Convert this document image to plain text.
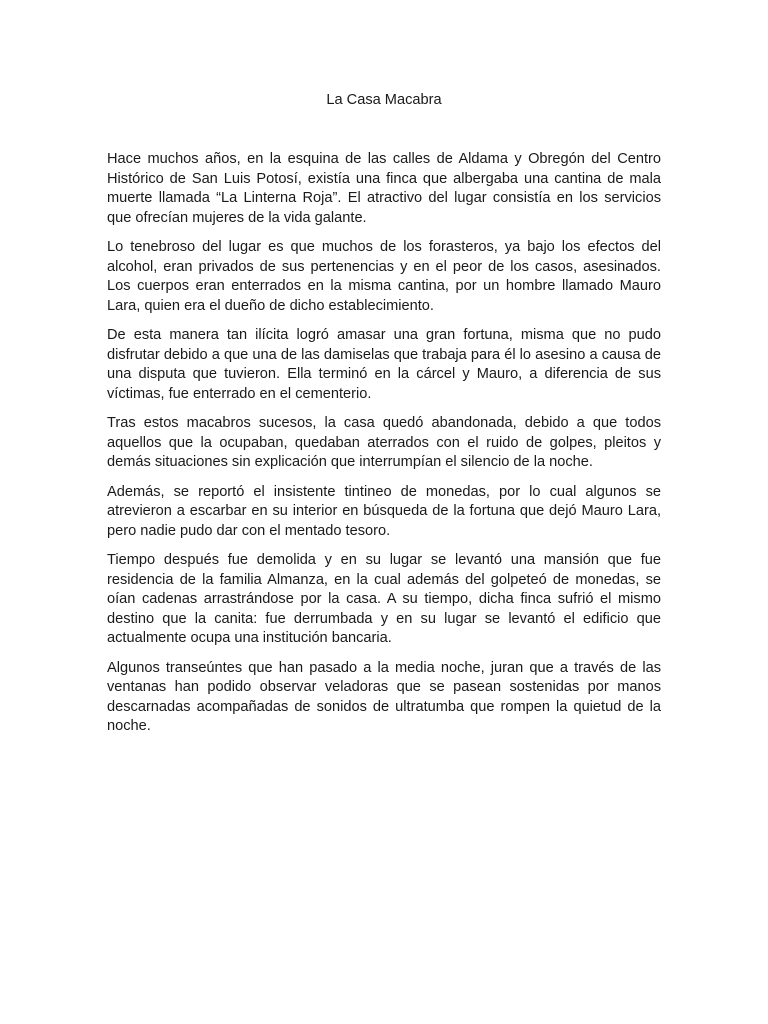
La Casa Macabra

Hace muchos años, en la esquina de las calles de Aldama y Obregón del Centro Histórico de San Luis Potosí, existía una finca que albergaba una cantina de mala muerte llamada “La Linterna Roja”. El atractivo del lugar consistía en los servicios que ofrecían mujeres de la vida galante.

Lo tenebroso del lugar es que muchos de los forasteros, ya bajo los efectos del alcohol, eran privados de sus pertenencias y en el peor de los casos, asesinados. Los cuerpos eran enterrados en la misma cantina, por un hombre llamado Mauro Lara, quien era el dueño de dicho establecimiento.

De esta manera tan ilícita logró amasar una gran fortuna, misma que no pudo disfrutar debido a que una de las damiselas que trabaja para él lo asesino a causa de una disputa que tuvieron. Ella terminó en la cárcel y Mauro, a diferencia de sus víctimas, fue enterrado en el cementerio.

Tras estos macabros sucesos, la casa quedó abandonada, debido a que todos aquellos que la ocupaban, quedaban aterrados con el ruido de golpes, pleitos y demás situaciones sin explicación que interrumpían el silencio de la noche.

Además, se reportó el insistente tintineo de monedas, por lo cual algunos se atrevieron a escarbar en su interior en búsqueda de la fortuna que dejó Mauro Lara, pero nadie pudo dar con el mentado tesoro.

Tiempo después fue demolida y en su lugar se levantó una mansión que fue residencia de la familia Almanza, en la cual además del golpeteó de monedas, se oían cadenas arrastrándose por la casa. A su tiempo, dicha finca sufrió el mismo destino que la canita: fue derrumbada y en su lugar se levantó el edificio que actualmente ocupa una institución bancaria.

Algunos transeúntes que han pasado a la media noche, juran que a través de las ventanas han podido observar veladoras que se pasean sostenidas por manos descarnadas acompañadas de sonidos de ultratumba que rompen la quietud de la noche.
